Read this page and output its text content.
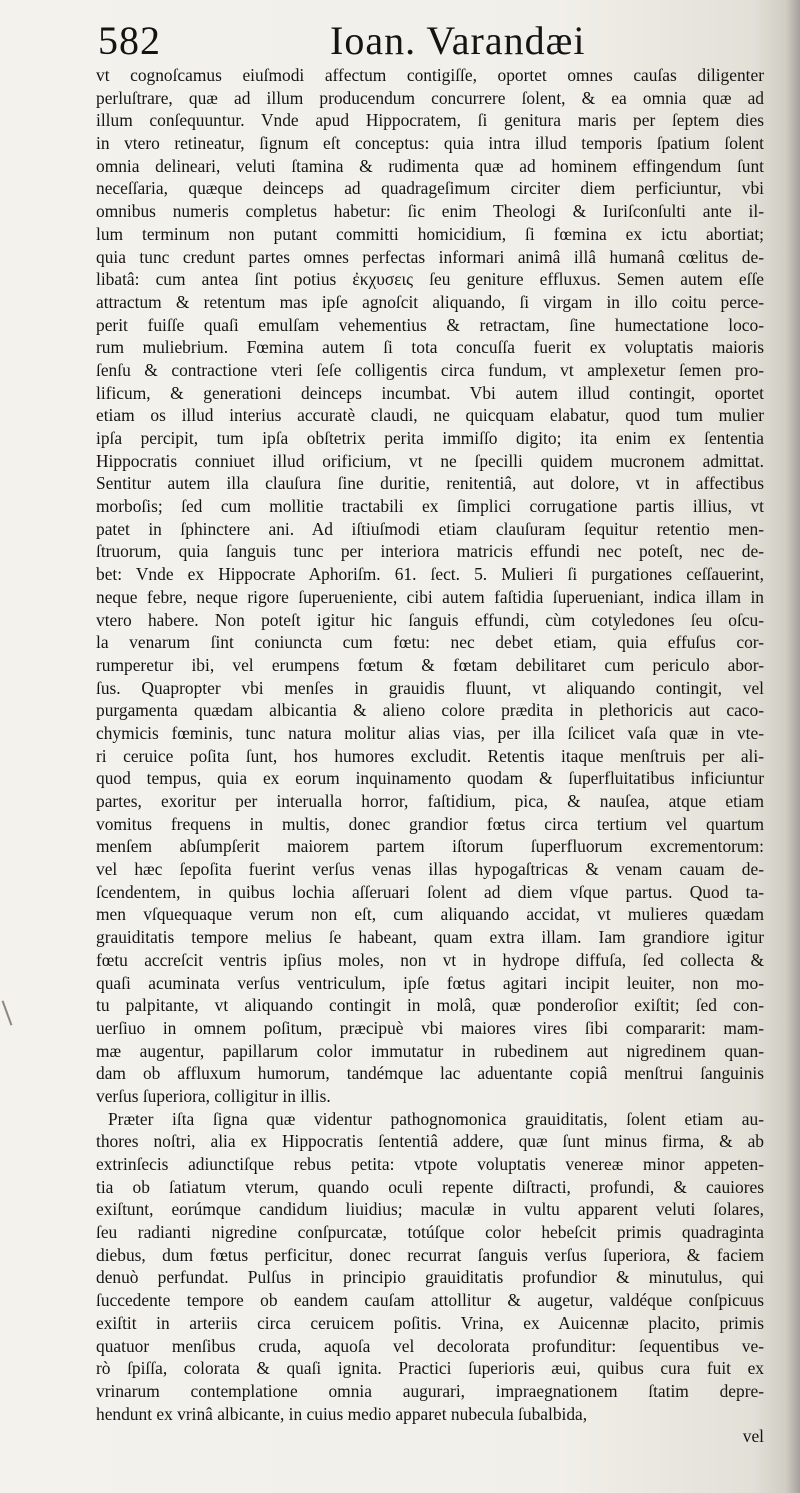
582	Ioan. Varandæi
vt cognoſcamus eiuſmodi affectum contigiſſe, oportet omnes cauſas diligenter
perluſtrare, quæ ad illum producendum concurrere ſolent, & ea omnia quæ ad
illum conſequuntur. Vnde apud Hippocratem, ſi genitura maris per ſeptem dies
in vtero retineatur, ſignum eſt conceptus: quia intra illud temporis ſpatium ſolent
omnia delineari, veluti ſtamina & rudimenta quæ ad hominem effingendum ſunt
neceſſaria, quæque deinceps ad quadrageſimum circiter diem perficiuntur, vbi
omnibus numeris completus habetur: ſic enim Theologi & Iuriſconſulti ante il-
lum terminum non putant committi homicidium, ſi fœmina ex ictu abortiat;
quia tunc credunt partes omnes perfectas informari animâ illâ humanâ cœlitus de-
libatâ: cum antea ſint potius ἐκχυσεις ſeu geniture effluxus. Semen autem eſſe
attractum & retentum mas ipſe agnoſcit aliquando, ſi virgam in illo coitu perce-
perit fuiſſe quaſi emulſam vehementius & retractam, ſine humectatione loco-
rum muliebrium. Fœmina autem ſi tota concuſſa fuerit ex voluptatis maioris
ſenſu & contractione vteri ſeſe colligentis circa fundum, vt amplexetur ſemen pro-
lificum, & generationi deinceps incumbat. Vbi autem illud contingit, oportet
etiam os illud interius accuratè claudi, ne quicquam elabatur, quod tum mulier
ipſa percipit, tum ipſa obſtetrix perita immiſſo digito; ita enim ex ſententia
Hippocratis conniuet illud orificium, vt ne ſpecilli quidem mucronem admittat.
Sentitur autem illa clauſura ſine duritie, renitentiâ, aut dolore, vt in affectibus
morboſis; ſed cum mollitie tractabili ex ſimplici corrugatione partis illius, vt
patet in ſphinctere ani. Ad iſtiuſmodi etiam clauſuram ſequitur retentio men-
ſtruorum, quia ſanguis tunc per interiora matricis effundi nec poteſt, nec de-
bet: Vnde ex Hippocrate Aphoriſm. 61. ſect. 5. Mulieri ſi purgationes ceſſauerint,
neque febre, neque rigore ſuperueniente, cibi autem faſtidia ſuperueniant, indica illam in
vtero habere. Non poteſt igitur hic ſanguis effundi, cùm cotyledones ſeu oſcu-
la venarum ſint coniuncta cum fœtu: nec debet etiam, quia effuſus cor-
rumperetur ibi, vel erumpens fœtum & fœtam debilitaret cum periculo abor-
ſus. Quapropter vbi menſes in grauidis fluunt, vt aliquando contingit, vel
purgamenta quædam albicantia & alieno colore prædita in plethoricis aut caco-
chymicis fœminis, tunc natura molitur alias vias, per illa ſcilicet vaſa quæ in vte-
ri ceruice poſita ſunt, hos humores excludit. Retentis itaque menſtruis per ali-
quod tempus, quia ex eorum inquinamento quodam & ſuperfluitatibus inficiuntur
partes, exoritur per interualla horror, faſtidium, pica, & nauſea, atque etiam
vomitus frequens in multis, donec grandior fœtus circa tertium vel quartum
menſem abſumpſerit maiorem partem iſtorum ſuperfluorum excrementorum:
vel hæc ſepoſita fuerint verſus venas illas hypogaſtricas & venam cauam de-
ſcendentem, in quibus lochia aſſeruari ſolent ad diem vſque partus. Quod ta-
men vſquequaque verum non eſt, cum aliquando accidat, vt mulieres quædam
grauiditatis tempore melius ſe habeant, quam extra illam. Iam grandiore igitur
fœtu accreſcit ventris ipſius moles, non vt in hydrope diffuſa, ſed collecta &
quaſi acuminata verſus ventriculum, ipſe fœtus agitari incipit leuiter, non mo-
tu palpitante, vt aliquando contingit in molâ, quæ ponderoſior exiſtit; ſed con-
uerſiuo in omnem poſitum, præcipuè vbi maiores vires ſibi compararit: mam-
mæ augentur, papillarum color immutatur in rubedinem aut nigredinem quan-
dam ob affluxum humorum, tandémque lac aduentante copiâ menſtrui ſanguinis
verſus ſuperiora, colligitur in illis.
Præter iſta ſigna quæ videntur pathognomonica grauiditatis, ſolent etiam au-
thores noſtri, alia ex Hippocratis ſententiâ addere, quæ ſunt minus firma, & ab
extrinſecis adiunctiſque rebus petita: vtpote voluptatis venereæ minor appeten-
tia ob ſatiatum vterum, quando oculi repente diſtracti, profundi, & cauiores
exiſtunt, eorúmque candidum liuidius; maculæ in vultu apparent veluti ſolares,
ſeu radianti nigredine conſpurcatæ, totúſque color hebeſcit primis quadraginta
diebus, dum fœtus perficitur, donec recurrat ſanguis verſus ſuperiora, & faciem
denuò perfundat. Pulſus in principio grauiditatis profundior & minutulus, qui
ſuccedente tempore ob eandem cauſam attollitur & augetur, valdéque conſpicuus
exiſtit in arteriis circa ceruicem poſitis. Vrina, ex Auicennæ placito, primis
quatuor menſibus cruda, aquoſa vel decolorata profunditur: ſequentibus ve-
rò ſpiſſa, colorata & quaſi ignita. Practici ſuperioris æui, quibus cura fuit ex
vrinarum contemplatione omnia augurari, impraegnationem ſtatim depre-
hendunt ex vrinâ albicante, in cuius medio apparet nubecula ſubalbida,
vel
